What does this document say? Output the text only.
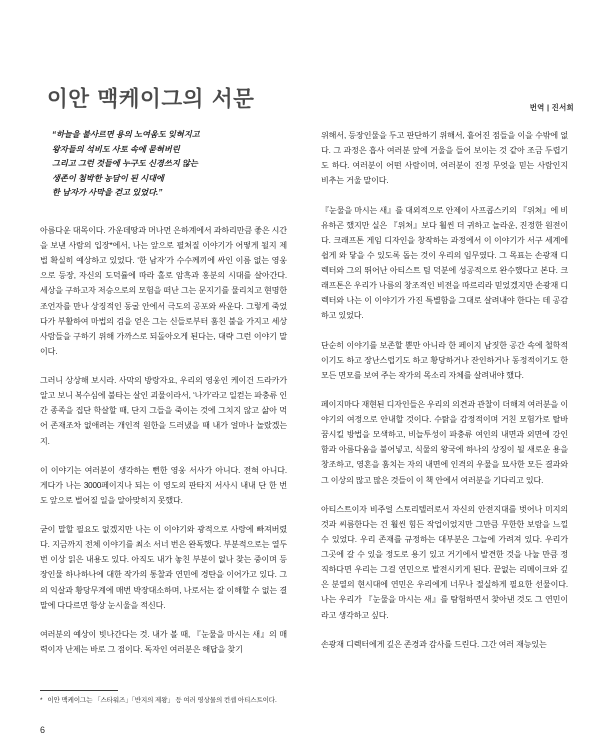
이안 맥케이그의 서문	번역 | 진서희
“하늘을 불사르면 용의 노여움도 잊혀지고
왕자들의 석비도 사토 속에 묻혀버린
그리고 그런 것들에 누구도 신경쓰지 않는
생존이 첨박한 농담이 된 시대에
한 남자가 사막을 걷고 있었다.”

아름다운 대목이다. 가운데땅과 머나먼 은하계에서 과하리만큼 좋은 시간을 보낸 사람의 입장*에서, 나는 앞으로 펼쳐질 이야기가 어떻게 될지 제법 확실히 예상하고 있었다. ‘한 남자’가 수수께끼에 싸인 이름 없는 영웅으로 등장, 자신의 도덕률에 따라 홀로 암흑과 홍분의 시대를 살아간다. 세상을 구하고자 저승으로의 모험을 떠난 그는 문지기를 물리치고 현명한 조언자를 만나 상징적인 동굴 안에서 극도의 공포와 싸운다. 그렇게 죽었다가 부활하여 마법의 검을 얻은 그는 신들로부터 훔친 불을 가지고 세상 사람들을 구하기 위해 가까스로 되돌아오게 된다는, 대략 그런 이야기 말이다.

그러니 상상해 보시라. 사막의 방랑자요, 우리의 영웅인 케이건 드라카가 알고 보니 복수심에 불타는 살인 괴물이라서, ‘나가’라고 일컫는 파충류 인간 종족을 집단 학살할 때, 단지 그들을 죽이는 것에 그치지 않고 삶아 먹어 존재조차 없애려는 개인적 원한을 드러냈을 때 내가 얼마나 놀랐겠는지.

이 이야기는 여러분이 생각하는 뻔한 영웅 서사가 아니다. 전혀 아니다. 게다가 나는 3000페이지나 되는 이 영도의 판타지 서사시 내내 단 한 번도 앞으로 벌어질 일을 알아맞히지 못했다.

굳이 말할 필요도 없겠지만 나는 이 이야기와 광적으로 사랑에 빠져버렸다. 지금까지 전체 이야기를 최소 서너 번은 완독했다. 부분적으로는 열두 번 이상 읽은 내용도 있다. 아직도 내가 놓친 부분이 없나 찾는 중이며 등장인물 하나하나에 대한 작가의 통찰과 연민에 경탄을 이어가고 있다. 그의 익살과 황당무계에 매번 박장대소하며, 나로서는 잘 이해할 수 없는 결말에 다다르면 항상 눈시울을 적신다.

여러분의 예상이 빗나간다는 것. 내가 볼 때, 『눈물을 마시는 새』의 매력이자 난제는 바로 그 점이다. 독자인 여러분은 해답을 찾기

위해서, 등장인물을 두고 판단하기 위해서, 흩어진 점들을 이을 수밖에 없다. 그 과정은 흡사 여러분 앞에 거울을 들어 보이는 것 같아 조금 두렵기도 하다. 여러분이 어떤 사람이며, 여러분이 진정 무엇을 믿는 사람인지 비추는 거울 말이다.

『눈물을 마시는 새』를 대외적으로 안제이 사프콥스키의 『위쳐』에 비유하곤 했지만 실은 『위쳐』보다 훨씬 더 귀하고 놀라운, 진정한 원전이다. 크래프톤 게임 디자인을 창작하는 과정에서 이 이야기가 서구 세계에 쉽게 와 닿을 수 있도록 돕는 것이 우리의 임무였다. 그 목표는 손광재 디렉터와 그의 뛰어난 아티스트 팀 덕분에 성공적으로 완수했다고 본다. 크래프톤은 우리가 나름의 창조적인 비전을 따르리라 믿었겠지만 손광재 디렉터와 나는 이 이야기가 가진 특별함을 그대로 살려내야 한다는 데 공감하고 있었다.

단순히 이야기를 보존할 뿐만 아니라 한 페이지 남짓한 공간 속에 철학적이기도 하고 장난스럽기도 하고 황당하거나 잔인하거나 동정적이기도 한 모든 면모를 보여 주는 작가의 목소리 자체를 살려내야 했다.

페이지마다 재현된 디자인들은 우리의 의견과 관찰이 더해져 여러분을 이야기의 여정으로 안내할 것이다. 수탉을 감정적이며 거친 모험가로 탈바꿈시킬 방법을 모색하고, 비늘투성이 파충류 여인의 내면과 외면에 강인함과 아름다움을 불어넣고, 식물의 왕국에 하나의 상징이 될 새로운 용을 창조하고, 영혼을 훔치는 자의 내면에 인격의 우물을 묘사한 모든 결과와 그 이상의 많고 많은 것들이 이 책 안에서 여러분을 기다리고 있다.

아티스트이자 비주얼 스토리텔러로서 자신의 안전지대를 벗어나 미지의 것과 씨름한다는 건 훨씬 힘든 작업이었지만 그만큼 무한한 보람을 느낄 수 있었다. 우리 존재를 규정하는 대부분은 그늘에 가려져 있다. 우리가 그곳에 갈 수 있을 정도로 용기 있고 거기에서 발견한 것을 나눌 만큼 정직하다면 우리는 그걸 연민으로 발전시키게 된다. 끝없는 리메이크와 깊은 분열의 현시대에 연민은 우리에게 너무나 절실하게 필요한 선물이다. 나는 우리가 『눈물을 마시는 새』를 탐험하면서 찾아낸 것도 그 연민이라고 생각하고 싶다.

손광재 디렉터에게 깊은 존경과 감사를 드린다. 그간 여러 재능있는

* 이안 맥케이그는 「스타워즈」「반지의 제왕」 등 여러 영상물의 컨셉 아티스트이다.
6
